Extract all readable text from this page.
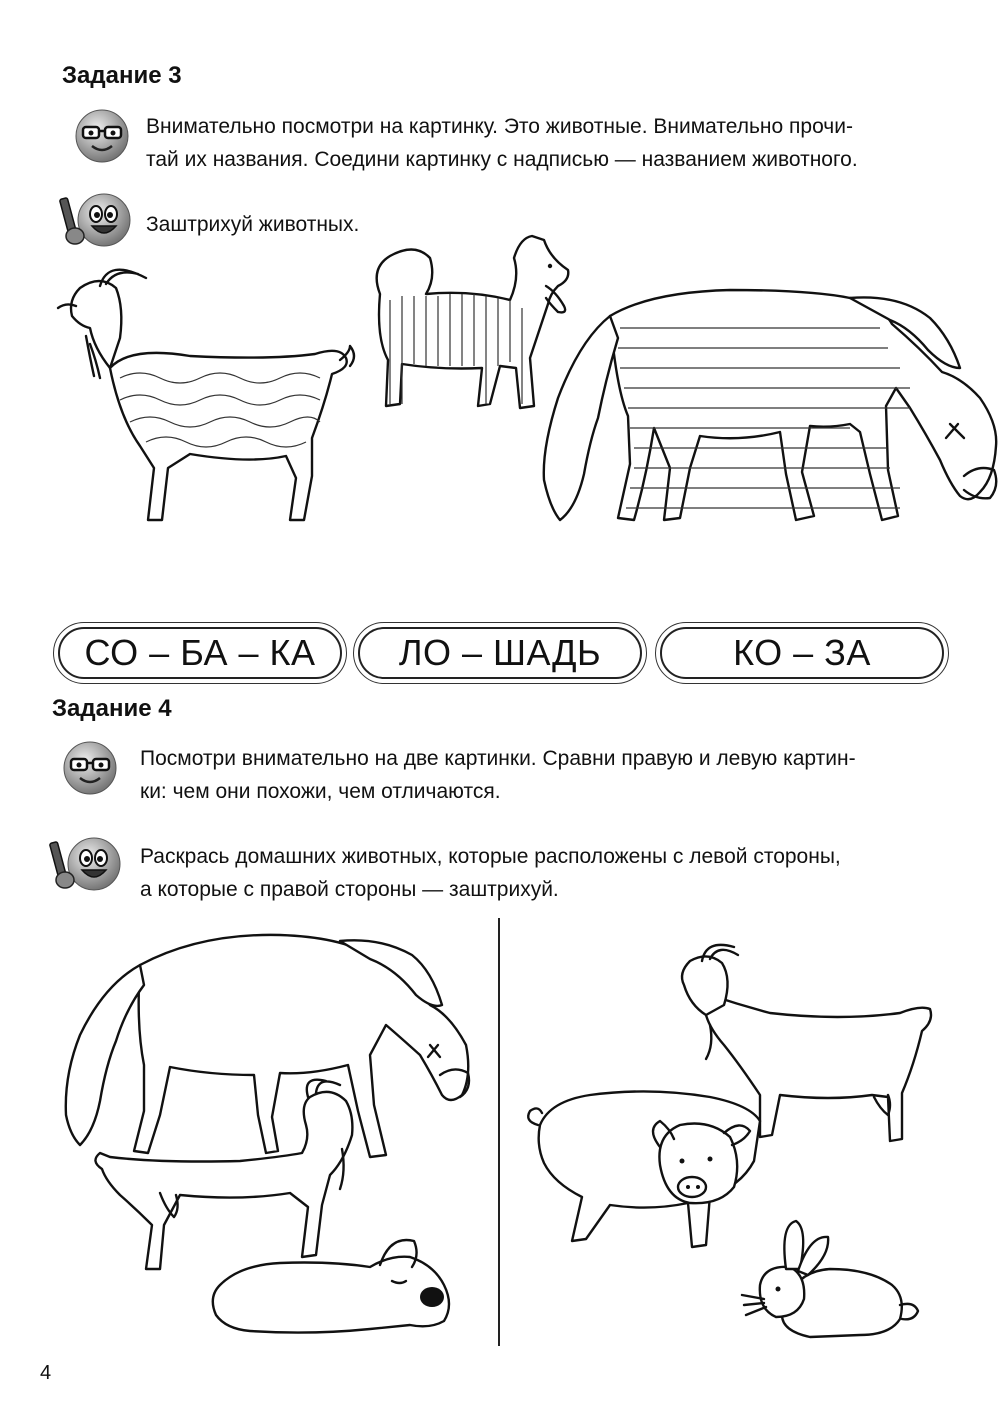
Задание 3
Внимательно посмотри на картинку. Это животные. Внимательно прочи-
тай их названия. Соедини картинку с надписью — названием животного.
Заштрихуй животных.
СО – БА – КА	ЛО – ШАДЬ	КО – ЗА
Задание 4
Посмотри внимательно на две картинки. Сравни правую и левую картин-
ки: чем они похожи, чем отличаются.
Раскрась домашних животных, которые расположены с левой стороны,
а которые с правой стороны — заштрихуй.
4
